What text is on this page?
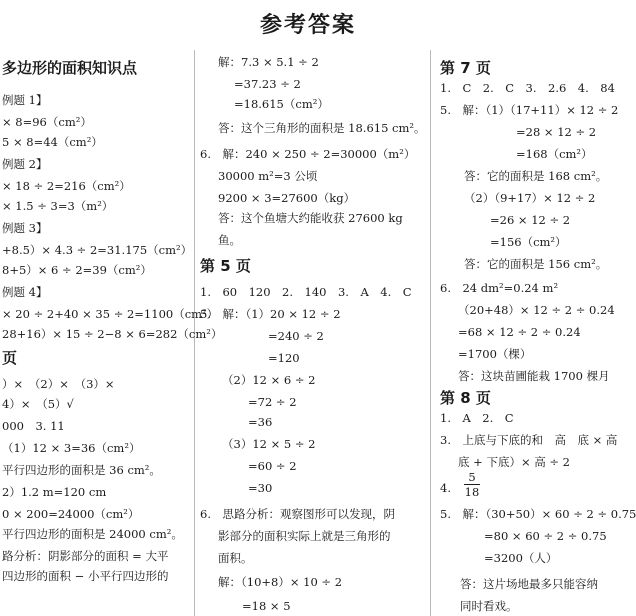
参考答案
多边形的面积知识点
例题 1】
× 8=96（cm²）
5 × 8=44（cm²）
例题 2】
× 18 ÷ 2=216（cm²）
× 1.5 ÷ 3=3（m²）
例题 3】
+8.5）× 4.3 ÷ 2=31.175（cm²）
8+5）× 6 ÷ 2=39（cm²）
例题 4】
× 20 ÷ 2+40 × 35 ÷ 2=1100（cm²）
28+16）× 15 ÷ 2−8 × 6=282（cm²）
页
）×　（2）×　（3）×
4）×　（5）√
000　3. 11
（1）12 × 3=36（cm²）
平行四边形的面积是 36 cm²。
2）1.2 m=120 cm
0 × 200=24000（cm²）
平行四边形的面积是 24000 cm²。
路分析：阴影部分的面积 = 大平
四边形的面积 − 小平行四边形的
解：7.3 × 5.1 ÷ 2
=37.23 ÷ 2
=18.615（cm²）
答：这个三角形的面积是 18.615 cm²。
6.　解：240 × 250 ÷ 2=30000（m²）
30000 m²=3 公顷
9200 × 3=27600（kg）
答：这个鱼塘大约能收获 27600 kg
鱼。
第 5 页
1.　60　120　2.　140　3.　A　4.　C
5.　解：（1）20 × 12 ÷ 2
=240 ÷ 2
=120
（2）12 × 6 ÷ 2
=72 ÷ 2
=36
（3）12 × 5 ÷ 2
=60 ÷ 2
=30
6.　思路分析：观察图形可以发现，阴
影部分的面积实际上就是三角形的
面积。
解：（10+8）× 10 ÷ 2
=18 × 5
第 7 页
1.　C　2.　C　3.　2.6　4.　84
5.　解：（1）（17+11）× 12 ÷ 2
=28 × 12 ÷ 2
=168（cm²）
答：它的面积是 168 cm²。
（2）（9+17）× 12 ÷ 2
=26 × 12 ÷ 2
=156（cm²）
答：它的面积是 156 cm²。
6.　24 dm²=0.24 m²
（20+48）× 12 ÷ 2 ÷ 0.24
=68 × 12 ÷ 2 ÷ 0.24
=1700（棵）
答：这块苗圃能栽 1700 棵月
第 8 页
1.　A　2.　C
3.　上底与下底的和　高　底 × 高
底 + 下底）× 高 ÷ 2
4.
5.　解：（30+50）× 60 ÷ 2 ÷ 0.75
=80 × 60 ÷ 2 ÷ 0.75
=3200（人）
答：这片场地最多只能容纳
同时看戏。
$\frac{5}{18}$
